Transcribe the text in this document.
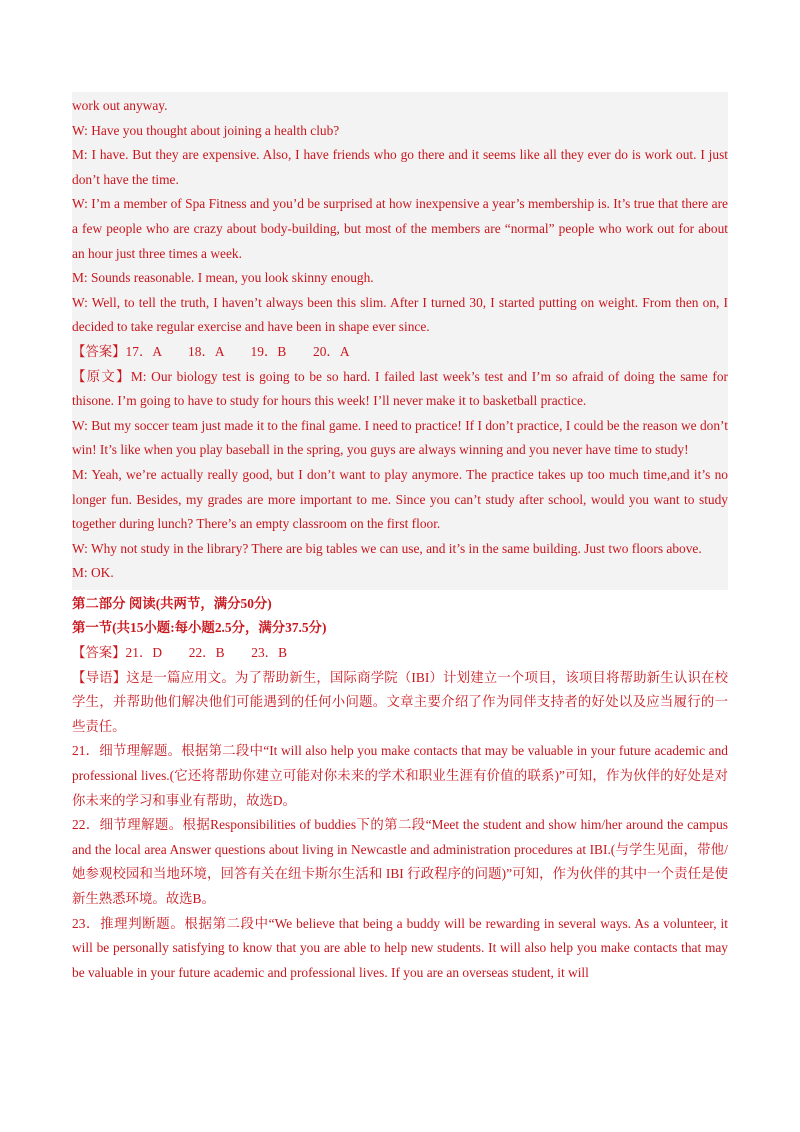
work out anyway.

W: Have you thought about joining a health club?

M: I have. But they are expensive. Also, I have friends who go there and it seems like all they ever do is work out. I just don’t have the time.

W: I’m a member of Spa Fitness and you’d be surprised at how inexpensive a year’s membership is. It’s true that there are a few people who are crazy about body-building, but most of the members are “normal” people who work out for about an hour just three times a week.

M: Sounds reasonable. I mean, you look skinny enough.

W: Well, to tell the truth, I haven’t always been this slim. After I turned 30, I started putting on weight. From then on, I decided to take regular exercise and have been in shape ever since.

【答案】17．A　　18．A　　19．B　　20．A

【原文】M: Our biology test is going to be so hard. I failed last week’s test and I’m so afraid of doing the same for thisone. I’m going to have to study for hours this week! I’ll never make it to basketball practice.

W: But my soccer team just made it to the final game. I need to practice! If I don’t practice, I could be the reason we don’t win! It’s like when you play baseball in the spring, you guys are always winning and you never have time to study!

M: Yeah, we’re actually really good, but I don’t want to play anymore. The practice takes up too much time,and it’s no longer fun. Besides, my grades are more important to me. Since you can’t study after school, would you want to study together during lunch? There’s an empty classroom on the first floor.

W: Why not study in the library? There are big tables we can use, and it’s in the same building. Just two floors above.

M: OK.

第二部分 阅读(共两节，满分50分)

第一节(共15小题:每小题2.5分，满分37.5分)

【答案】21．D　　22．B　　23．B

【导语】这是一篇应用文。为了帮助新生，国际商学院（IBI）计划建立一个项目，该项目将帮助新生认识在校学生，并帮助他们解决他们可能遇到的任何小问题。文章主要介绍了作为同伴支持者的好处以及应当履行的一些责任。

21．细节理解题。根据第二段中“It will also help you make contacts that may be valuable in your future academic and professional lives.(它还将帮助你建立可能对你未来的学术和职业生涯有价值的联系)”可知，作为伙伴的好处是对你未来的学习和事业有帮助，故选D。

22．细节理解题。根据Responsibilities of buddies下的第二段“Meet the student and show him/her around the campus and the local area Answer questions about living in Newcastle and administration procedures at IBI.(与学生见面，带他/她参观校园和当地环境，回答有关在纽卡斯尔生活和 IBI 行政程序的问题)”可知，作为伙伴的其中一个责任是使新生熟悉环境。故选B。

23．推理判断题。根据第二段中“We believe that being a buddy will be rewarding in several ways. As a volunteer, it will be personally satisfying to know that you are able to help new students. It will also help you make contacts that may be valuable in your future academic and professional lives. If you are an overseas student, it will
